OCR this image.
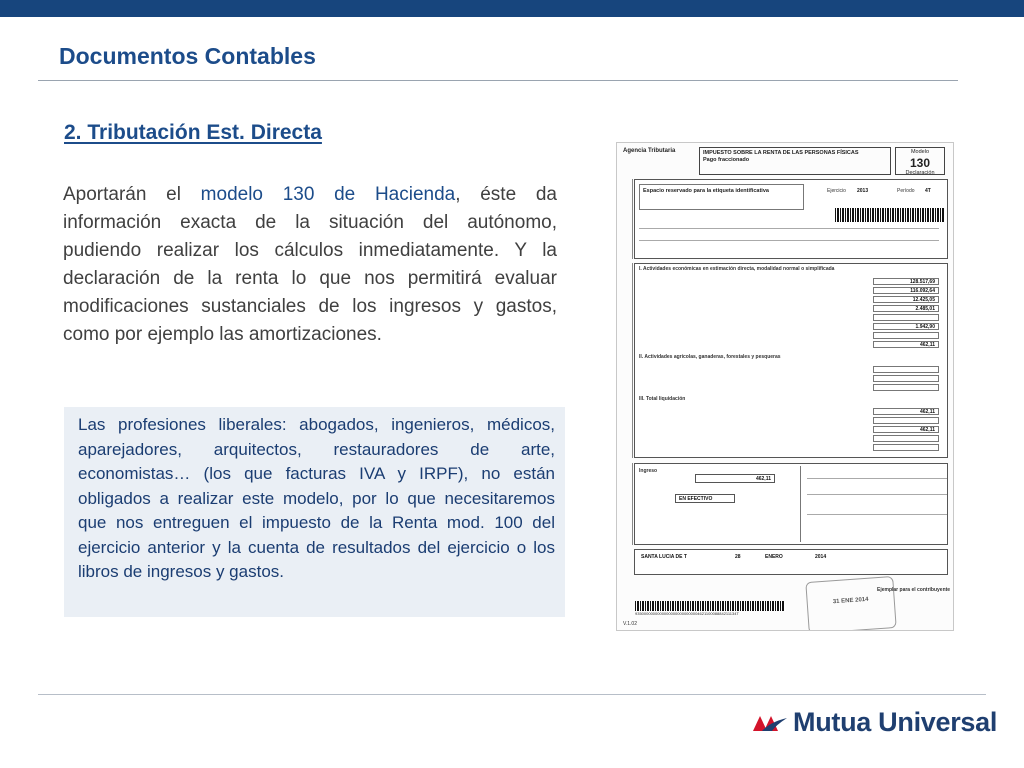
Documentos Contables
2. Tributación Est. Directa

Aportarán el modelo 130 de Hacienda, éste da información exacta de la situación del autónomo, pudiendo realizar los cálculos inmediatamente. Y la declaración de la renta lo que nos permitirá evaluar modificaciones sustanciales de los ingresos y gastos, como por ejemplo las amortizaciones.

Las profesiones liberales: abogados, ingenieros, médicos, aparejadores, arquitectos, restauradores de arte, economistas… (los que facturas IVA y IRPF), no están obligados a realizar este modelo, por lo que necesitaremos que nos entreguen el impuesto de la Renta mod. 100 del ejercicio anterior y la cuenta de resultados del ejercicio o los libros de ingresos y gastos.

Agencia Tributaria	IMPUESTO SOBRE LA RENTA DE LAS PERSONAS FÍSICAS
Pago fraccionado
Modelo
130
Declaración
Espacio reservado para la etiqueta identificativa	Ejercicio 2013	Período 4T
I. Actividades económicas en estimación directa, modalidad normal o simplificada
128.517,69
116.092,64
12.425,05
2.485,01
1.942,90
462,11
II. Actividades agrícolas, ganaderas, forestales y pesqueras
III. Total liquidación
462,11
462,11
Ingreso
462,11
EN EFECTIVO
SANTA LUCIA DE T	28	ENERO	2014
31 ENE 2014
Ejemplar para el contribuyente
9350000000000000000000000000462110008884211134T
V.1.02
Mutua Universal
